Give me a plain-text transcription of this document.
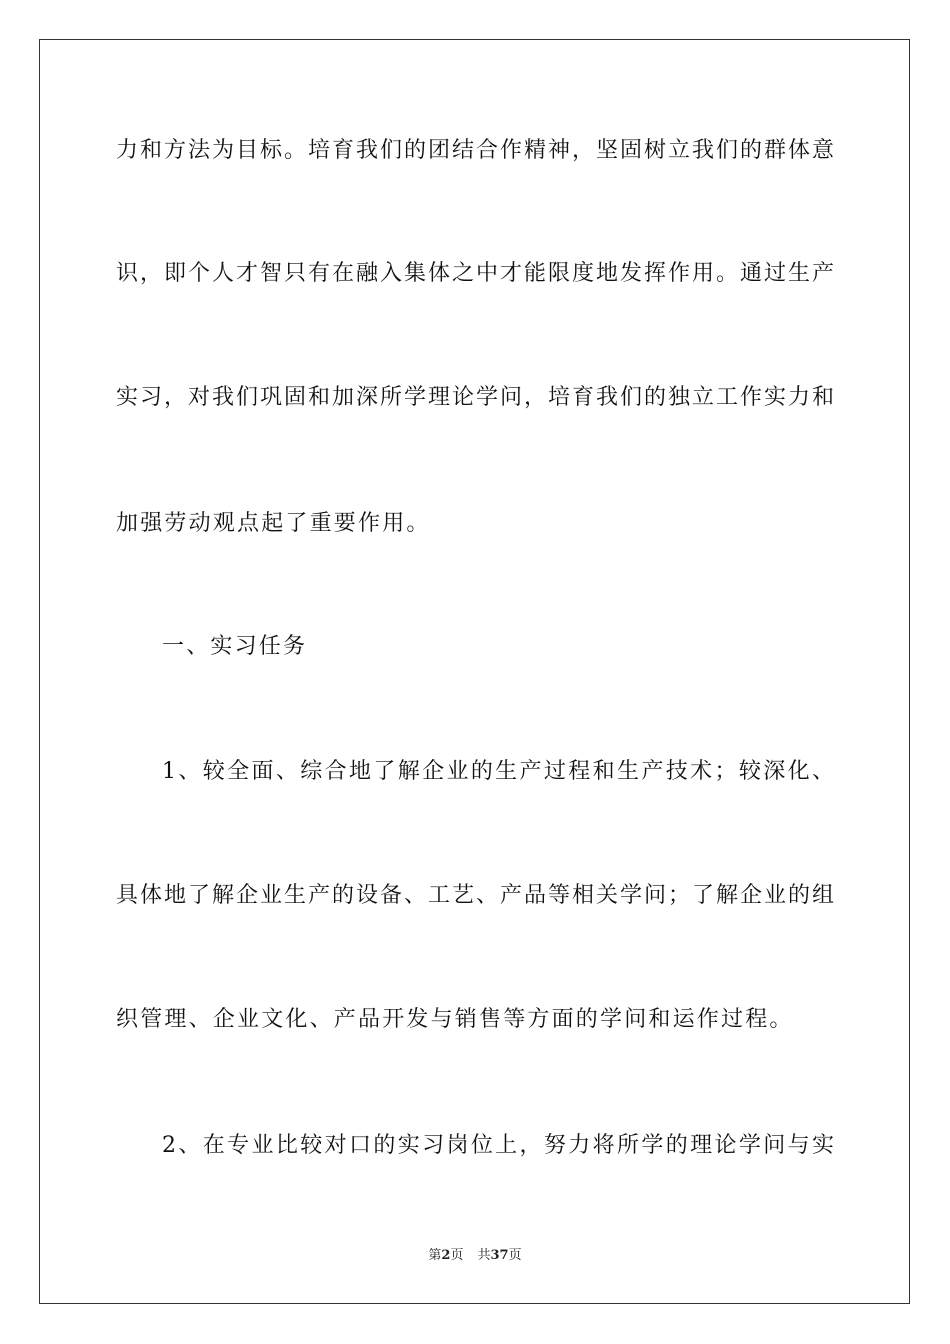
力和方法为目标。培育我们的团结合作精神，坚固树立我们的群体意
识，即个人才智只有在融入集体之中才能限度地发挥作用。通过生产
实习，对我们巩固和加深所学理论学问，培育我们的独立工作实力和
加强劳动观点起了重要作用。
一、实习任务
1、较全面、综合地了解企业的生产过程和生产技术；较深化、
具体地了解企业生产的设备、工艺、产品等相关学问；了解企业的组
织管理、企业文化、产品开发与销售等方面的学问和运作过程。
2、在专业比较对口的实习岗位上，努力将所学的理论学问与实
第2页 共37页
